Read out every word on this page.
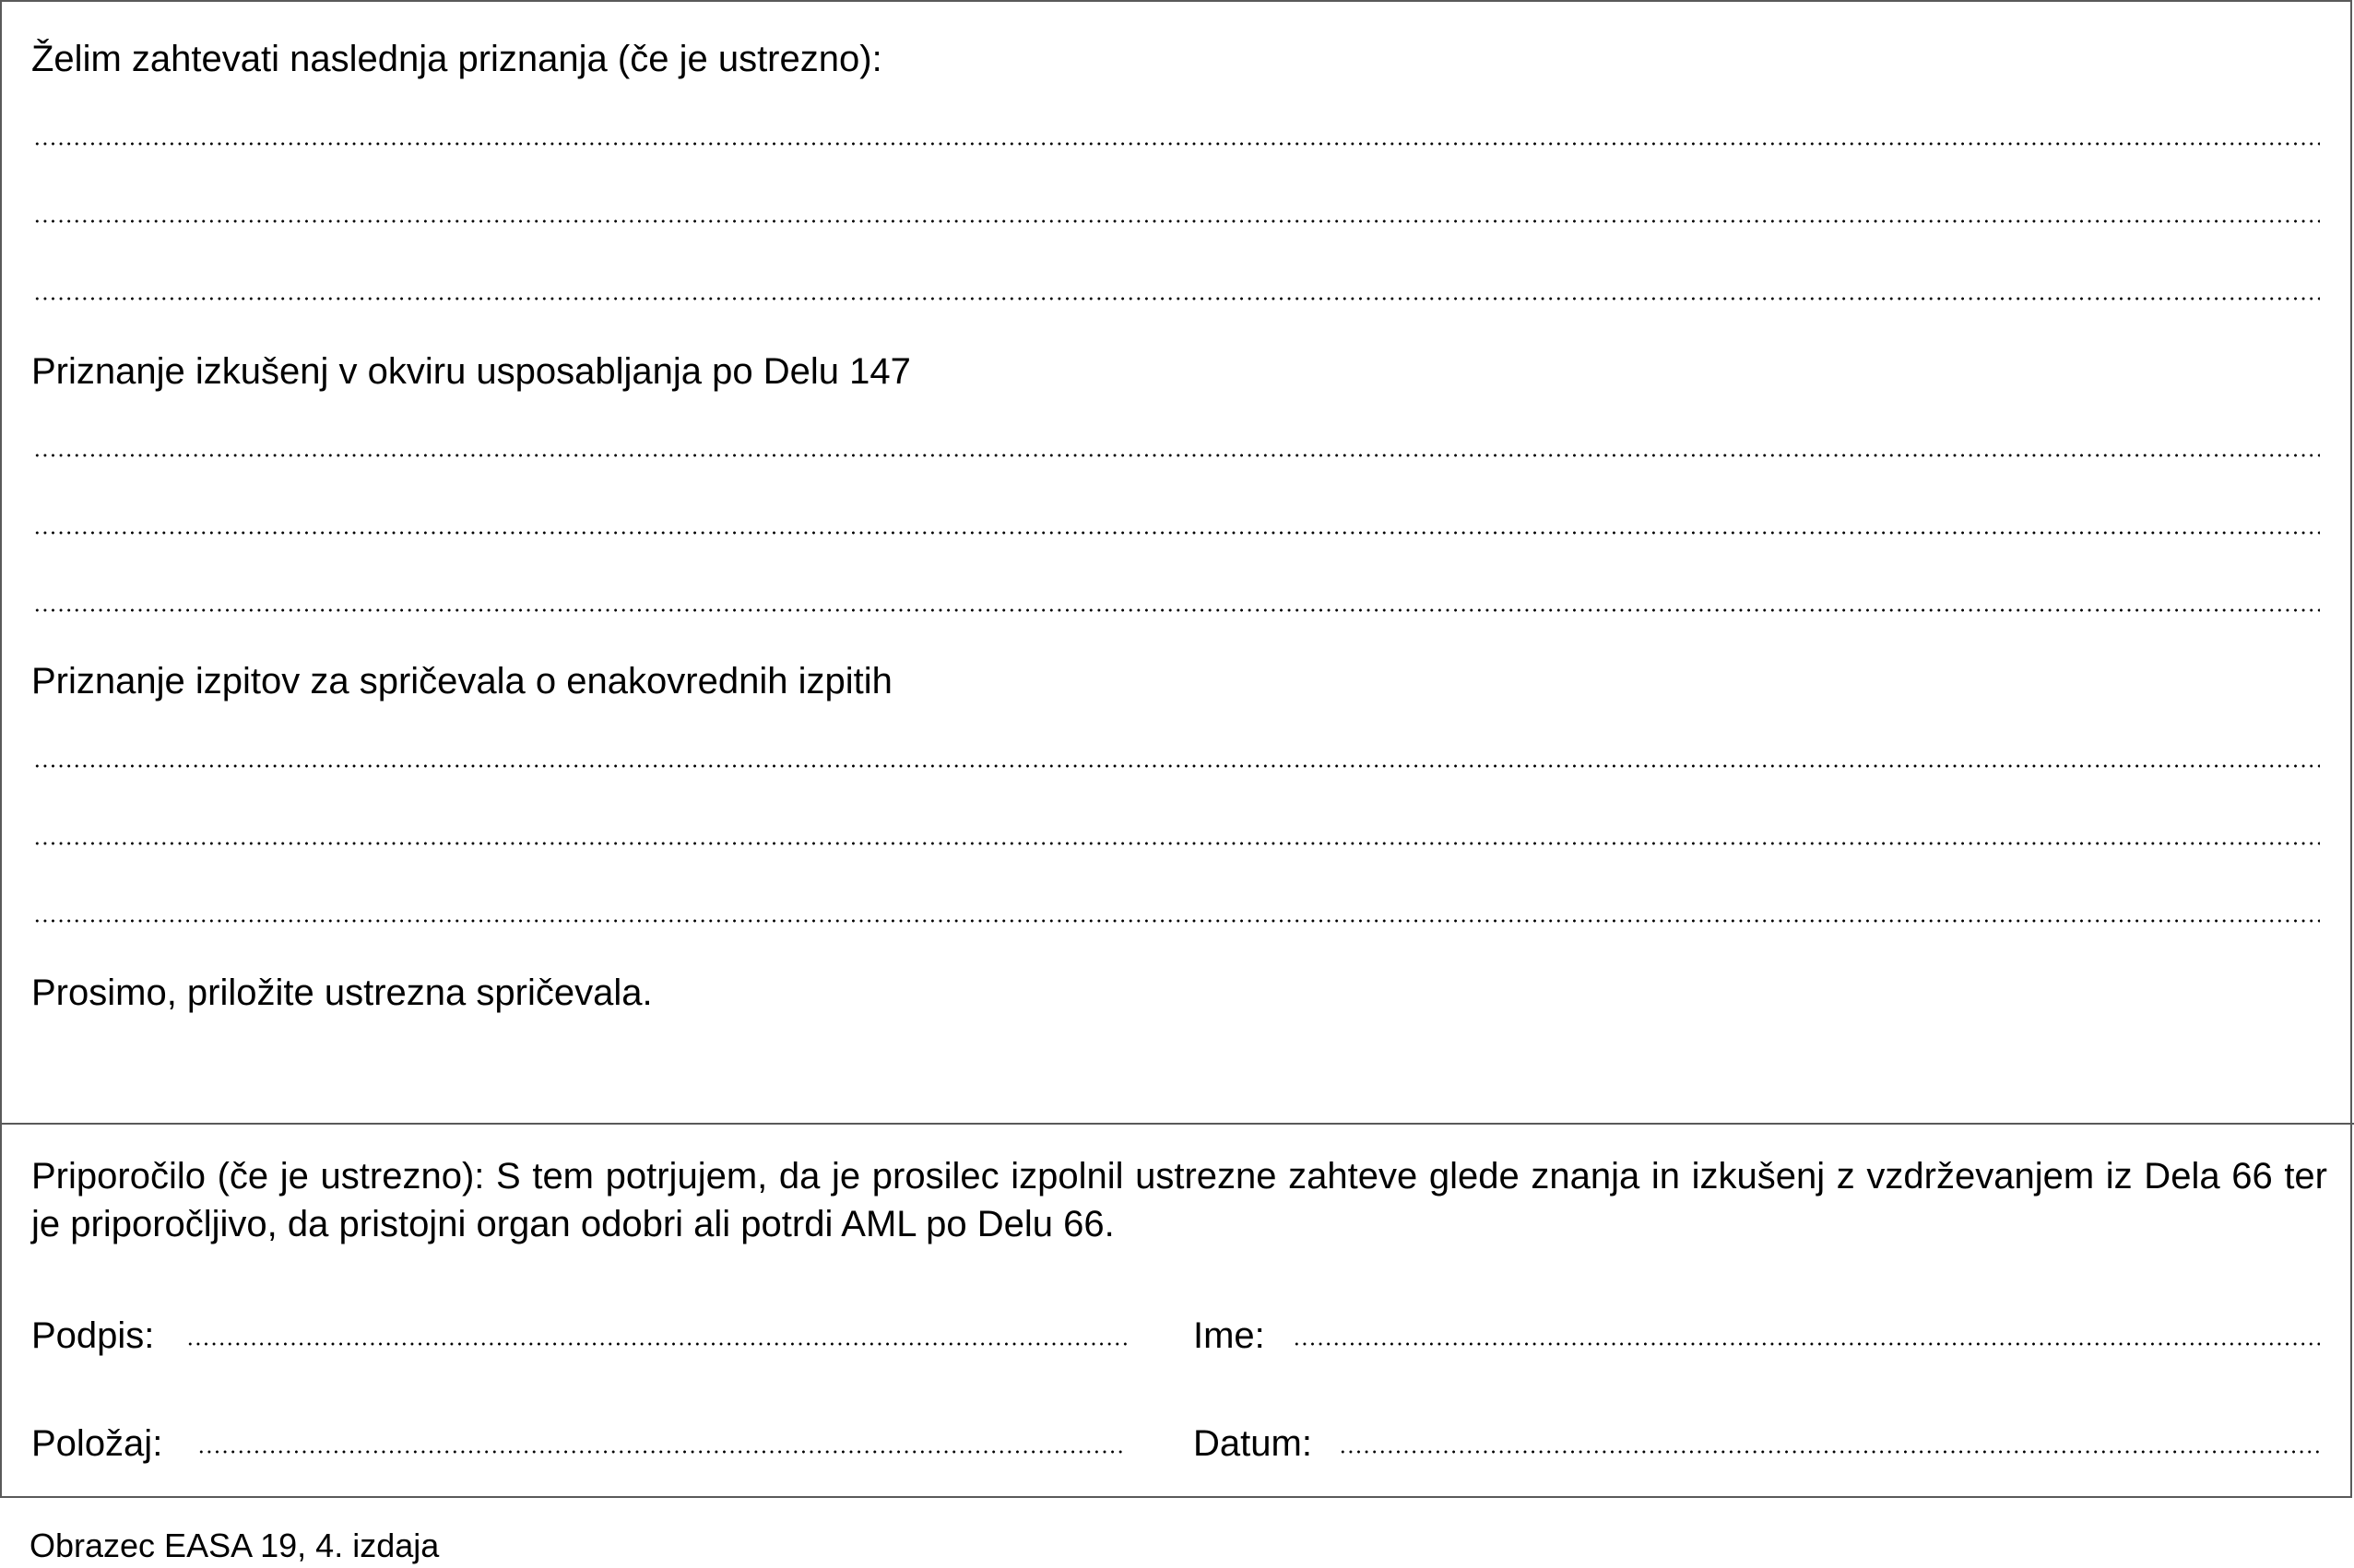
Želim zahtevati naslednja priznanja (če je ustrezno):
Priznanje izkušenj v okviru usposabljanja po Delu 147
Priznanje izpitov za spričevala o enakovrednih izpitih
Prosimo, priložite ustrezna spričevala.
Priporočilo (če je ustrezno): S tem potrjujem, da je prosilec izpolnil ustrezne zahteve glede znanja in izkušenj z vzdrževanjem iz Dela 66 ter je priporočljivo, da pristojni organ odobri ali potrdi AML po Delu 66.
Podpis:	Ime:
Položaj:	Datum:
Obrazec EASA 19, 4. izdaja
